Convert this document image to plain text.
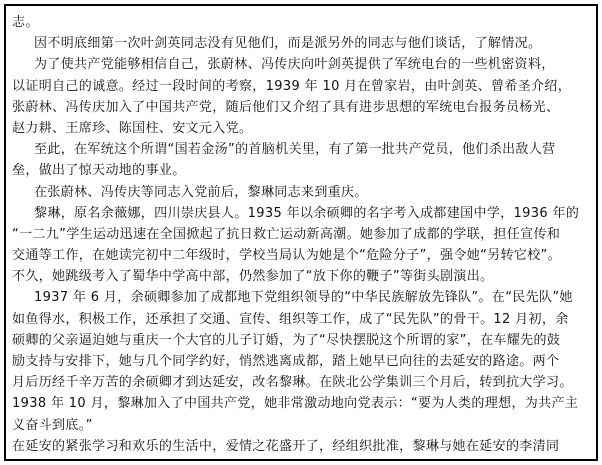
志。
因不明底细第一次叶剑英同志没有见他们，而是派另外的同志与他们谈话，了解情况。
为了使共产党能够相信自己，张蔚林、冯传庆向叶剑英提供了军统电台的一些机密资料，
以证明自己的诚意。经过一段时间的考察，1939 年 10 月在曾家岩，由叶剑英、曾希圣介绍，
张蔚林、冯传庆加入了中国共产党，随后他们又介绍了具有进步思想的军统电台报务员杨光、
赵力耕、王席珍、陈国柱、安文元入党。
至此，在军统这个所谓“国若金汤”的首脑机关里，有了第一批共产党员，他们杀出敌人营
垒，做出了惊天动地的事业。
在张蔚林、冯传庆等同志入党前后，黎琳同志来到重庆。
黎琳，原名余薇娜，四川崇庆县人。1935 年以余硕卿的名字考入成都建国中学，1936 年的
“一二九”学生运动迅速在全国掀起了抗日救亡运动新高潮。她参加了成都的学联，担任宣传和
交通等工作，在她读完初中二年级时，学校当局认为她是个“危险分子”，强令她“另转它校”。
不久，她跳级考入了蜀华中学高中部，仍然参加了“放下你的鞭子”等街头剧演出。
1937 年 6 月，余硕卿参加了成都地下党组织领导的“中华民族解放先锋队”。在“民先队”她
如鱼得水，积极工作，还承担了交通、宣传、组织等工作，成了“民先队”的骨干。12 月初，余
硕卿的父亲逼迫她与重庆一个大官的儿子订婚，为了“尽快摆脱这个所谓的家”，在车耀先的鼓
励支持与安排下，她与几个同学约好，悄然逃离成都，踏上她早已向往的去延安的路途。两个
月后历经千辛万苦的余硕卿才到达延安，改名黎琳。在陕北公学集训三个月后，转到抗大学习。
1938 年 10 月，黎琳加入了中国共产党，她非常激动地向党表示：“要为人类的理想，为共产主
义奋斗到底。”
在延安的紧张学习和欢乐的生活中，爱情之花盛开了，经组织批准，黎琳与她在延安的李清同
